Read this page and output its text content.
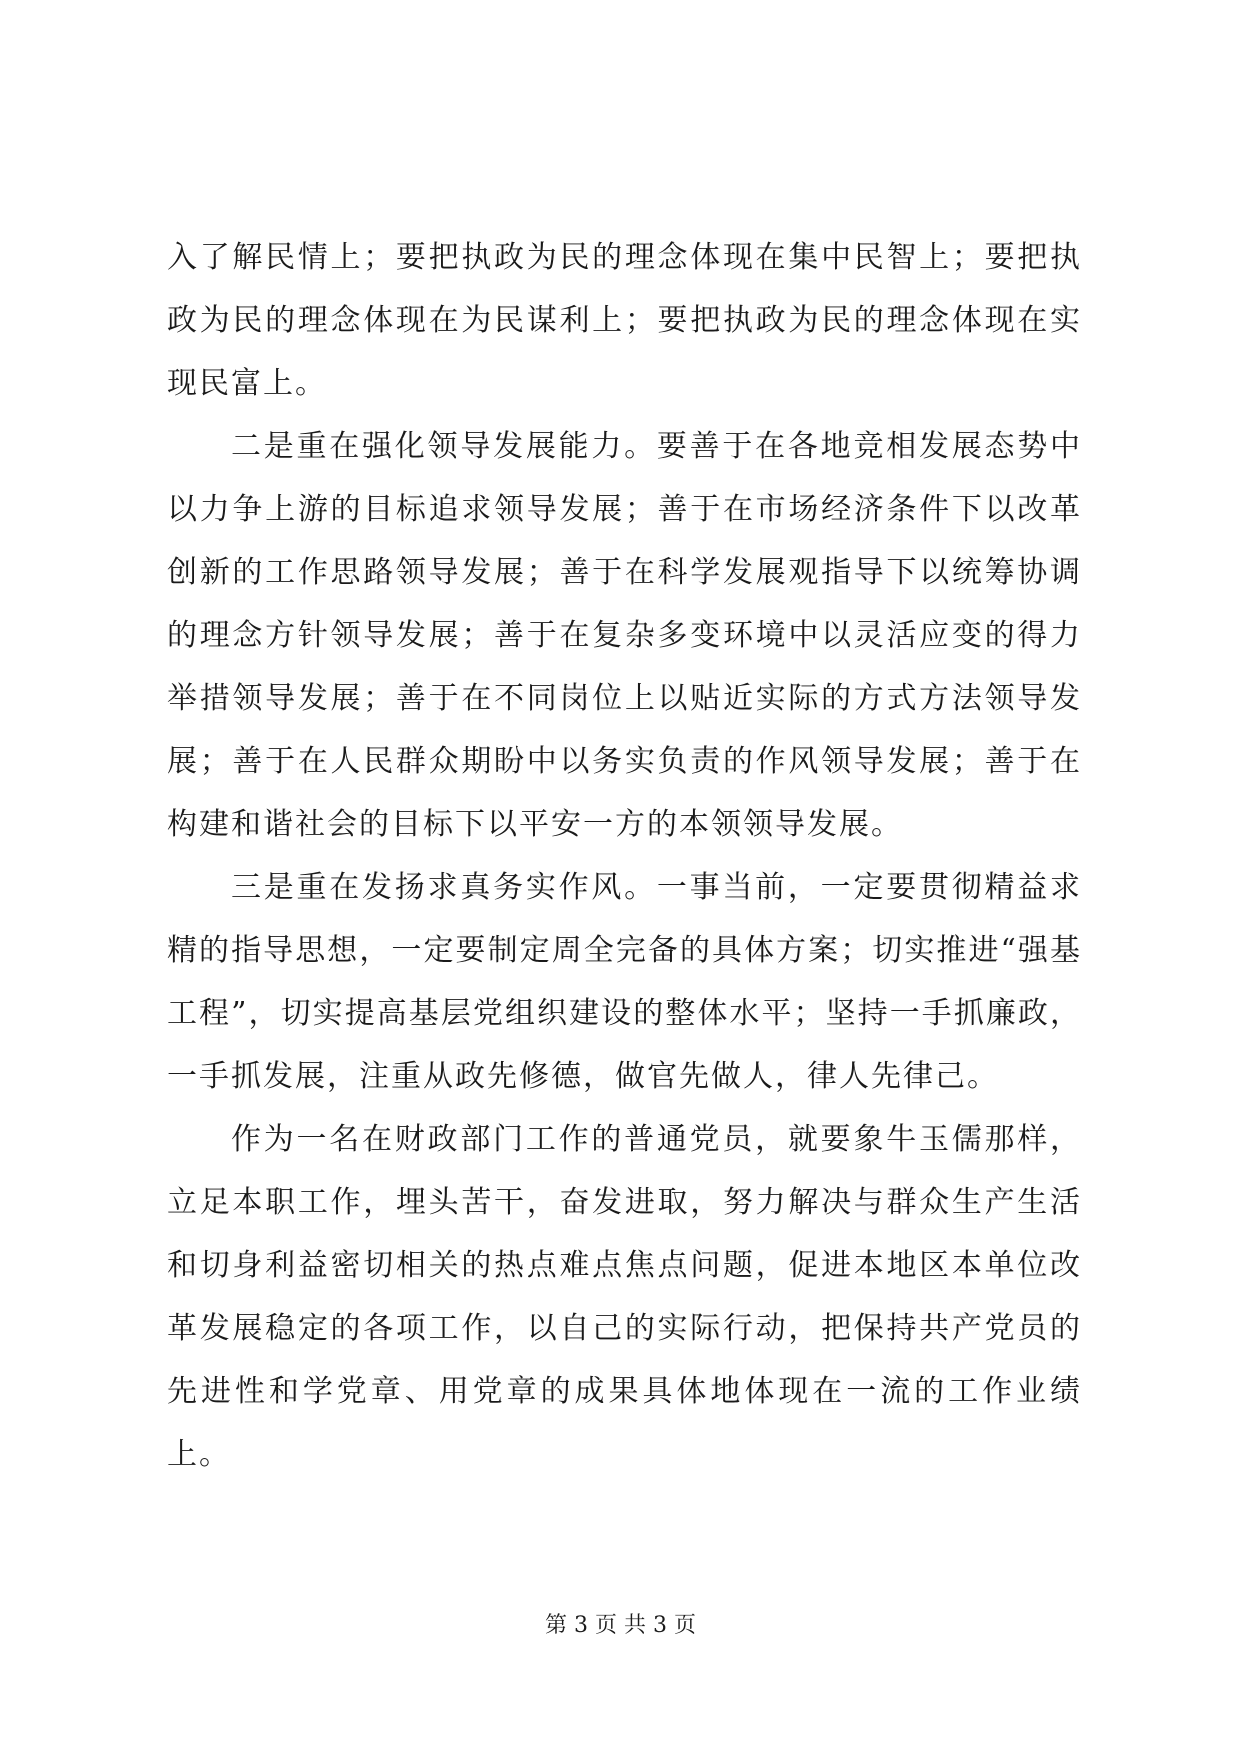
入了解民情上；要把执政为民的理念体现在集中民智上；要把执政为民的理念体现在为民谋利上；要把执政为民的理念体现在实现民富上。

二是重在强化领导发展能力。要善于在各地竞相发展态势中以力争上游的目标追求领导发展；善于在市场经济条件下以改革创新的工作思路领导发展；善于在科学发展观指导下以统筹协调的理念方针领导发展；善于在复杂多变环境中以灵活应变的得力举措领导发展；善于在不同岗位上以贴近实际的方式方法领导发展；善于在人民群众期盼中以务实负责的作风领导发展；善于在构建和谐社会的目标下以平安一方的本领领导发展。

三是重在发扬求真务实作风。一事当前，一定要贯彻精益求精的指导思想，一定要制定周全完备的具体方案；切实推进“强基工程”，切实提高基层党组织建设的整体水平；坚持一手抓廉政，一手抓发展，注重从政先修德，做官先做人，律人先律己。

作为一名在财政部门工作的普通党员，就要象牛玉儒那样，立足本职工作，埋头苦干，奋发进取，努力解决与群众生产生活和切身利益密切相关的热点难点焦点问题，促进本地区本单位改革发展稳定的各项工作，以自己的实际行动，把保持共产党员的先进性和学党章、用党章的成果具体地体现在一流的工作业绩上。

第 3 页 共 3 页
